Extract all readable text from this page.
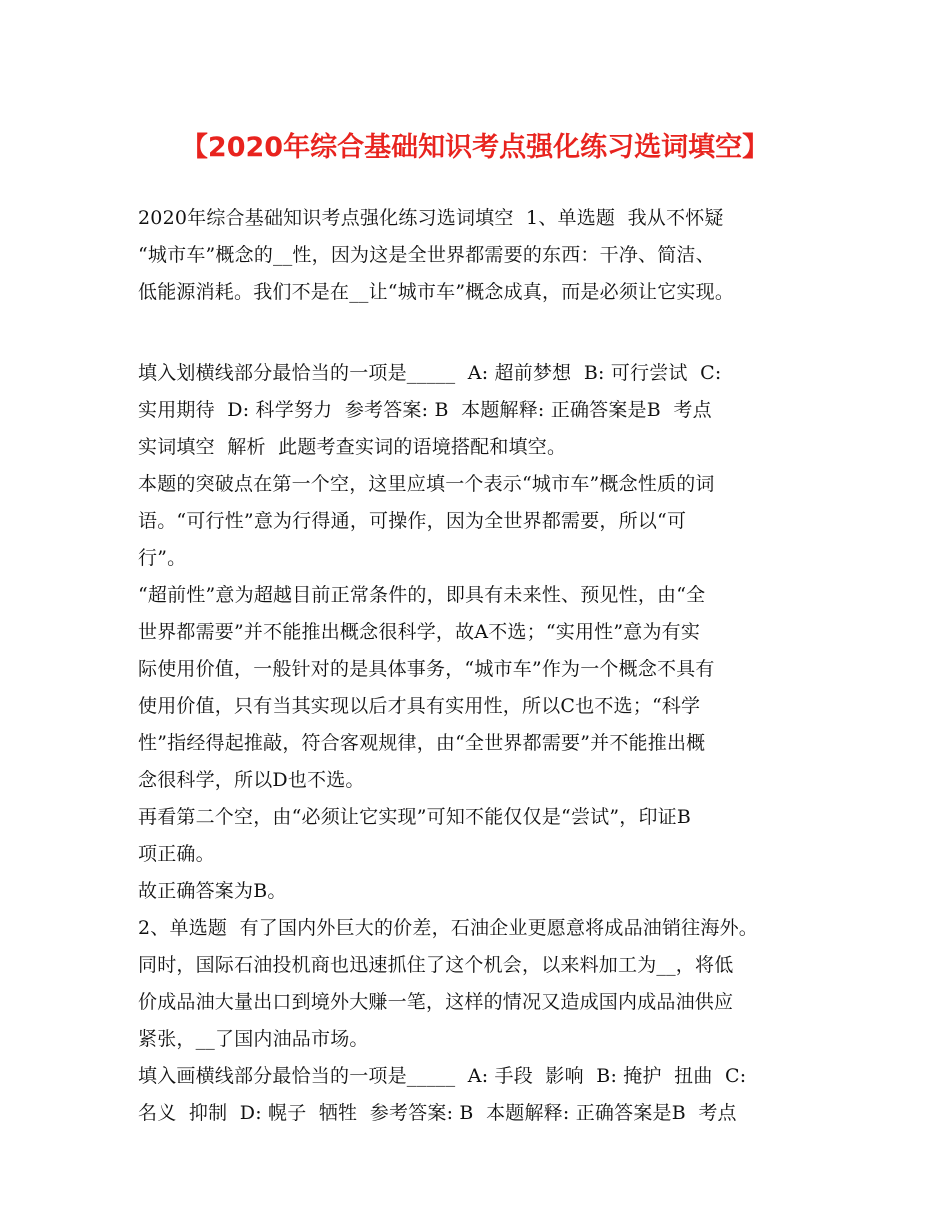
【2020年综合基础知识考点强化练习选词填空】
2020年综合基础知识考点强化练习选词填空  1、单选题  我从不怀疑
“城市车”概念的__性，因为这是全世界都需要的东西：干净、简洁、
低能源消耗。我们不是在__让“城市车”概念成真，而是必须让它实现。
填入划横线部分最恰当的一项是_____  A: 超前梦想  B: 可行尝试  C:
实用期待  D: 科学努力  参考答案: B  本题解释: 正确答案是B  考点
实词填空  解析  此题考查实词的语境搭配和填空。
本题的突破点在第一个空，这里应填一个表示“城市车”概念性质的词
语。“可行性”意为行得通，可操作，因为全世界都需要，所以“可
行”。
“超前性”意为超越目前正常条件的，即具有未来性、预见性，由“全
世界都需要”并不能推出概念很科学，故A不选；“实用性”意为有实
际使用价值，一般针对的是具体事务，“城市车”作为一个概念不具有
使用价值，只有当其实现以后才具有实用性，所以C也不选；“科学
性”指经得起推敲，符合客观规律，由“全世界都需要”并不能推出概
念很科学，所以D也不选。
再看第二个空，由“必须让它实现”可知不能仅仅是“尝试”，印证B
项正确。
故正确答案为B。
2、单选题  有了国内外巨大的价差，石油企业更愿意将成品油销往海外。
同时，国际石油投机商也迅速抓住了这个机会，以来料加工为__，将低
价成品油大量出口到境外大赚一笔，这样的情况又造成国内成品油供应
紧张，__了国内油品市场。
填入画横线部分最恰当的一项是_____  A: 手段  影响  B: 掩护  扭曲  C:
名义  抑制  D: 幌子  牺牲  参考答案: B  本题解释: 正确答案是B  考点
